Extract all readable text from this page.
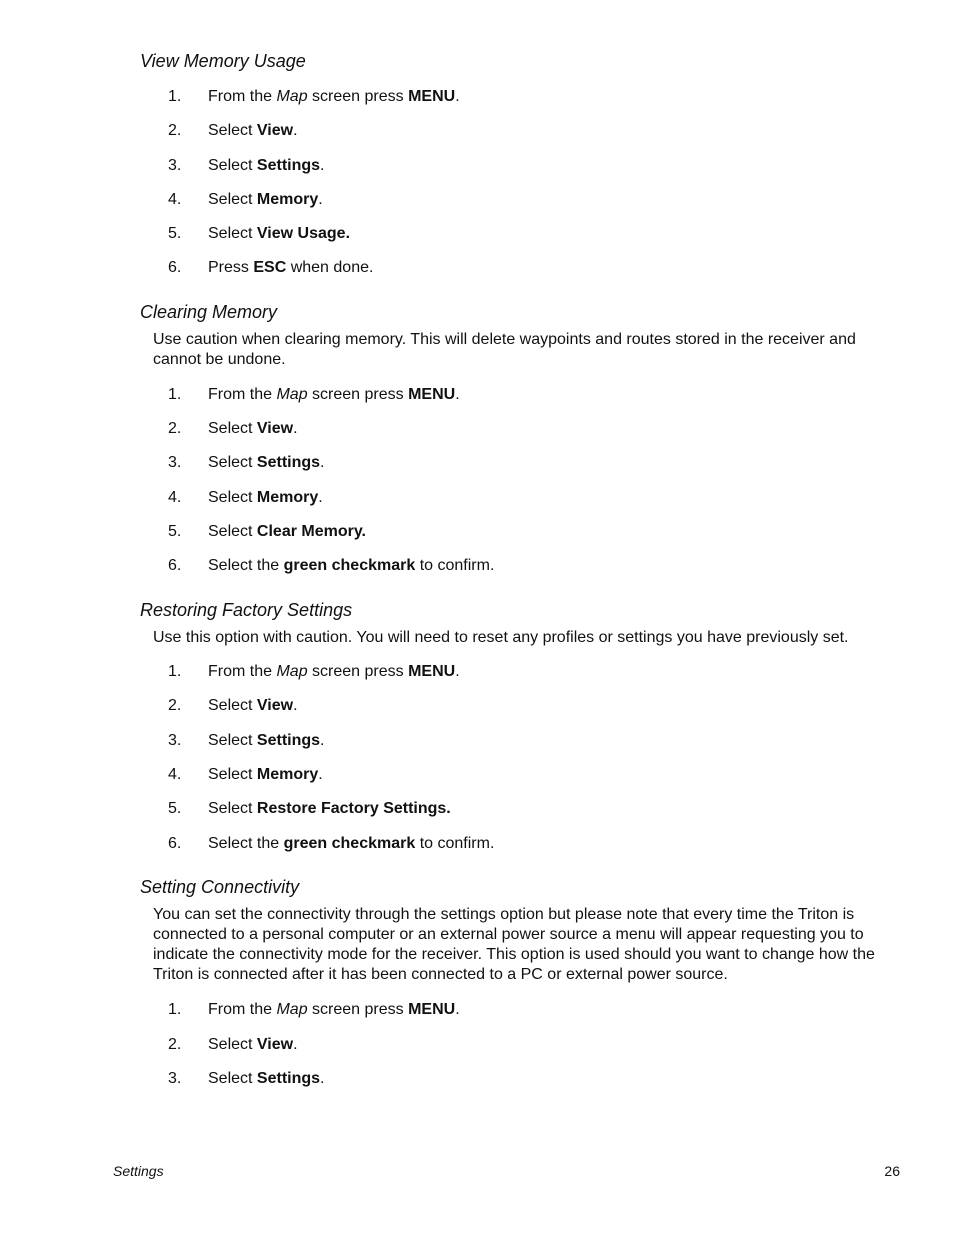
View Memory Usage
1. From the Map screen press MENU.
2. Select View.
3. Select Settings.
4. Select Memory.
5. Select View Usage.
6. Press ESC when done.
Clearing Memory
Use caution when clearing memory. This will delete waypoints and routes stored in the receiver and cannot be undone.
1. From the Map screen press MENU.
2. Select View.
3. Select Settings.
4. Select Memory.
5. Select Clear Memory.
6. Select the green checkmark to confirm.
Restoring Factory Settings
Use this option with caution. You will need to reset any profiles or settings you have previously set.
1. From the Map screen press MENU.
2. Select View.
3. Select Settings.
4. Select Memory.
5. Select Restore Factory Settings.
6. Select the green checkmark to confirm.
Setting Connectivity
You can set the connectivity through the settings option but please note that every time the Triton is connected to a personal computer or an external power source a menu will appear requesting you to indicate the connectivity mode for the receiver. This option is used should you want to change how the Triton is connected after it has been connected to a PC or external power source.
1. From the Map screen press MENU.
2. Select View.
3. Select Settings.
Settings	26
